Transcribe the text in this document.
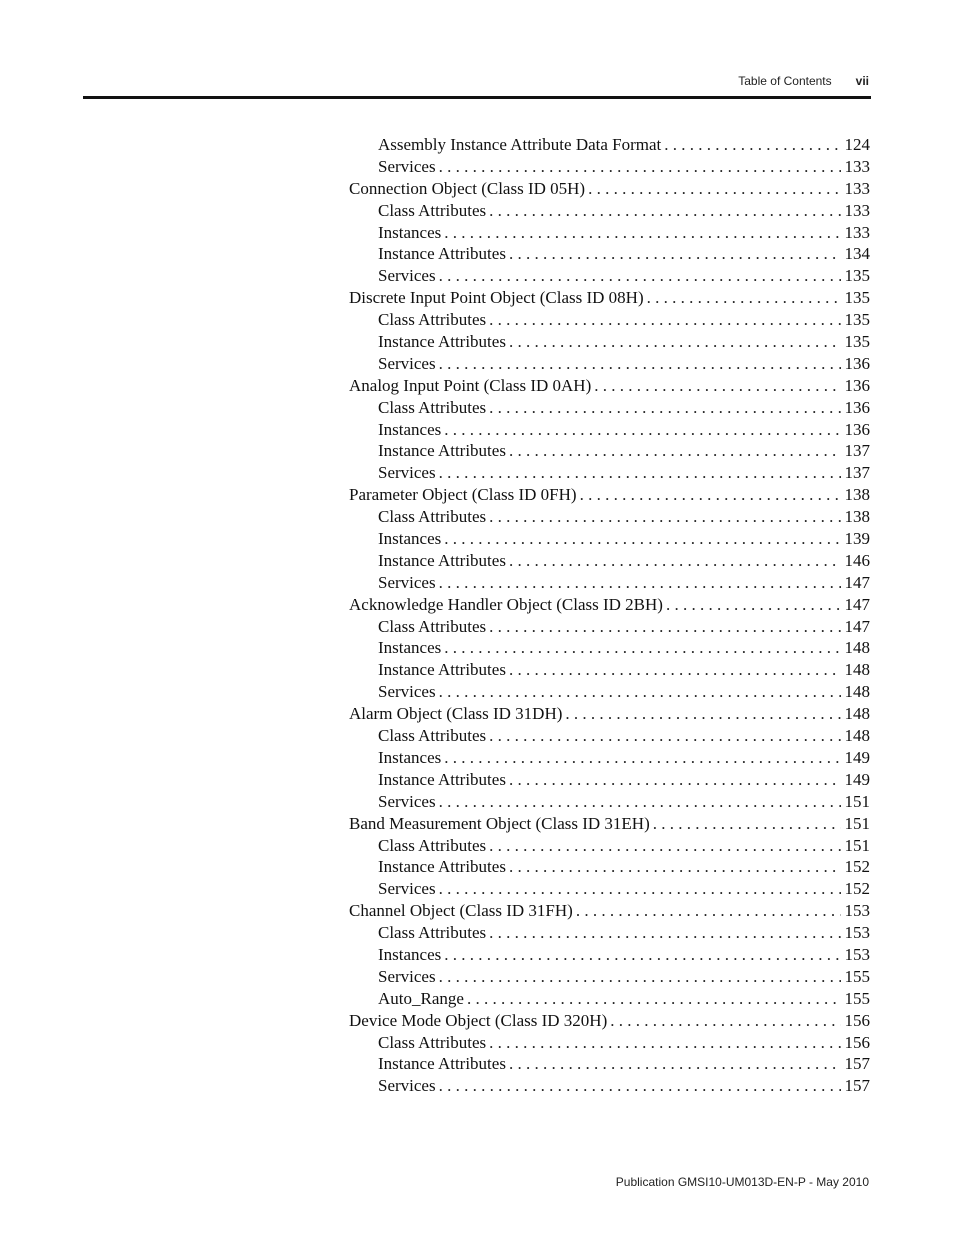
Table of Contents vii
Assembly Instance Attribute Data Format . . .	124
Services . . .	133
Connection Object (Class ID 05H) . . .	133
Class Attributes . . .	133
Instances . . .	133
Instance Attributes . . .	134
Services . . .	135
Discrete Input Point Object (Class ID 08H) . . .	135
Class Attributes . . .	135
Instance Attributes . . .	135
Services . . .	136
Analog Input Point (Class ID 0AH) . . .	136
Class Attributes . . .	136
Instances . . .	136
Instance Attributes . . .	137
Services . . .	137
Parameter Object (Class ID 0FH) . . .	138
Class Attributes . . .	138
Instances . . .	139
Instance Attributes . . .	146
Services . . .	147
Acknowledge Handler Object (Class ID 2BH) . . .	147
Class Attributes . . .	147
Instances . . .	148
Instance Attributes . . .	148
Services . . .	148
Alarm Object (Class ID 31DH) . . .	148
Class Attributes . . .	148
Instances . . .	149
Instance Attributes . . .	149
Services . . .	151
Band Measurement Object (Class ID 31EH) . . .	151
Class Attributes . . .	151
Instance Attributes . . .	152
Services . . .	152
Channel Object (Class ID 31FH) . . .	153
Class Attributes . . .	153
Instances . . .	153
Services . . .	155
Auto_Range . . .	155
Device Mode Object (Class ID 320H) . . .	156
Class Attributes . . .	156
Instance Attributes . . .	157
Services . . .	157
Publication GMSI10-UM013D-EN-P - May 2010
